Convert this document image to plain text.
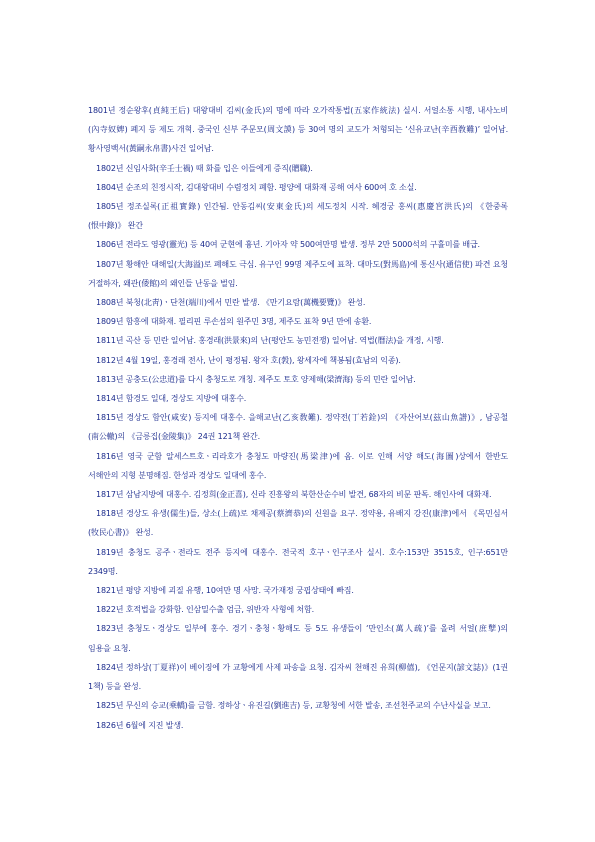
1801년 정순왕후(貞純王后) 대왕대비 김씨(金氏)의 명에 따라 오가작통법(五家作統法) 실시. 서얼소통 시행, 내사노비(內寺奴婢) 폐지 등 제도 개혁. 중국인 신부 주문모(周文謨) 등 30여 명의 교도가 처형되는 ‘신유교난(辛酉敎難)’ 일어남. 황사영백서(黃嗣永帛書)사건 일어남.

1802년 신임사화(辛壬士禍) 때 화를 입은 이들에게 증직(贈職).

1804년 순조의 친정시작, 김대왕대비 수렴정치 폐함. 평양에 대화재 공해 여사 600여 호 소실.

1805년 정조실록(正祖實錄) 인간됨. 안동김씨(安東金氏)의 세도정치 시작. 혜경궁 홍씨(惠慶宮洪氏)의 《한중록(恨中錄)》 완간

1806년 전라도 영광(靈光) 등 40여 군현에 흉년. 기아자 약 500여만명 발생. 정부 2만 5000석의 구휼미를 배급.

1807년 황해안 대해일(大海溢)로 폐해도 극심. 유구인 99명 제주도에 표착. 대마도(對馬島)에 통신사(通信使) 파견 요청 거절하자, 왜관(倭館)의 왜인들 난동을 벌임.

1808년 북청(北靑)ㆍ단천(端川)에서 민란 발생. 《만기요람(萬機要覽)》 완성.

1809년 함흥에 대화재. 필리핀 루손섬의 원주민 3명, 제주도 표착 9년 만에 송환.

1811년 곡산 등 민란 일어남. 홍경래(洪景來)의 난(평안도 농민전쟁) 일어남. 역법(曆法)을 개정, 시행.

1812년 4월 19일, 홍경래 전사, 난이 평정됨. 왕자 호(㝅), 왕세자에 책봉됨(효남의 익종).

1813년 공충도(公忠道)를 다시 충청도로 개칭. 제주도 토호 양제해(梁濟海) 등의 민란 일어남.

1814년 함경도 일대, 경상도 지방에 대홍수.

1815년 경상도 함안(咸安) 등지에 대홍수. 을해교난(乙亥敎難). 정약전(丁若銓)의 《자산어보(玆山魚譜)》, 남공철(南公轍)의 《금릉집(金陵集)》 24권 121책 완간.

1816년 영국 군함 알세스트호ㆍ리라호가 충청도 마량진(馬梁津)에 옴. 이로 인해 서양 해도(海圖)상에서 한반도 서해안의 지형 분명해짐. 한성과 경상도 일대에 홍수.

1817년 삼남지방에 대홍수. 김정희(金正喜), 신라 진흥왕의 북한산순수비 발견, 68자의 비문 판독. 해인사에 대화재.

1818년 경상도 유생(儒生)들, 상소(上疏)로 채제공(蔡濟恭)의 신원을 요구. 정약용, 유배지 강진(康津)에서 《목민심서(牧民心書)》 완성.

1819년 충청도 공주ㆍ전라도 전주 등지에 대홍수. 전국적 호구ㆍ인구조사 실시. 호수:153만 3515호, 인구:651만 2349명.

1821년 평양 지방에 괴질 유행, 10여만 명 사망. 국가재정 궁핍상태에 빠짐.

1822년 호적법을 강화함. 인삼밀수출 엄금, 위반자 사형에 처함.

1823년 충청도ㆍ경상도 일부에 홍수. 경기ㆍ충청ㆍ황해도 등 5도 유생들이 ‘만인소(萬人疏)’를 올려 서얼(庶孼)의 임용을 요청.

1824년 정하상(丁夏祥)이 베이징에 가 교황에게 사제 파송을 요청. 김자씨 천해진 유희(柳僖), 《언문지(諺文誌)》(1권 1책) 등을 완성.

1825년 무신의 승교(乘轎)를 금함. 정하상ㆍ유진길(劉進吉) 등, 교황청에 서한 발송, 조선천주교의 수난사실을 보고.

1826년 6월에 지진 발생.
